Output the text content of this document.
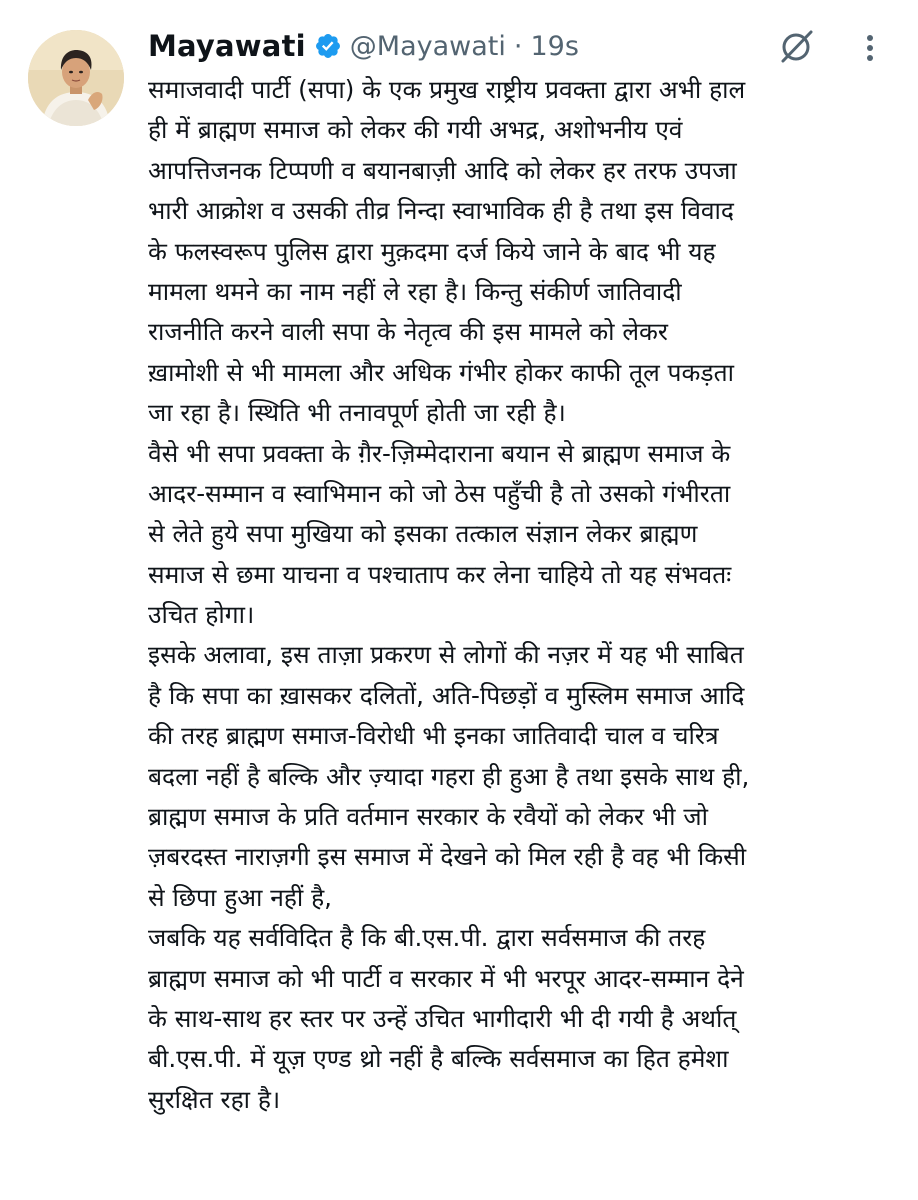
Mayawati @Mayawati · 19s
समाजवादी पार्टी (सपा) के एक प्रमुख राष्ट्रीय प्रवक्ता द्वारा अभी हाल
ही में ब्राह्मण समाज को लेकर की गयी अभद्र, अशोभनीय एवं
आपत्तिजनक टिप्पणी व बयानबाज़ी आदि को लेकर हर तरफ उपजा
भारी आक्रोश व उसकी तीव्र निन्दा स्वाभाविक ही है तथा इस विवाद
के फलस्वरूप पुलिस द्वारा मुक़दमा दर्ज किये जाने के बाद भी यह
मामला थमने का नाम नहीं ले रहा है। किन्तु संकीर्ण जातिवादी
राजनीति करने वाली सपा के नेतृत्व की इस मामले को लेकर
ख़ामोशी से भी मामला और अधिक गंभीर होकर काफी तूल पकड़ता
जा रहा है। स्थिति भी तनावपूर्ण होती जा रही है।
वैसे भी सपा प्रवक्ता के ग़ैर-ज़िम्मेदाराना बयान से ब्राह्मण समाज के
आदर-सम्मान व स्वाभिमान को जो ठेस पहुँची है तो उसको गंभीरता
से लेते हुये सपा मुखिया को इसका तत्काल संज्ञान लेकर ब्राह्मण
समाज से छमा याचना व पश्चाताप कर लेना चाहिये तो यह संभवतः
उचित होगा।
इसके अलावा, इस ताज़ा प्रकरण से लोगों की नज़र में यह भी साबित
है कि सपा का ख़ासकर दलितों, अति-पिछड़ों व मुस्लिम समाज आदि
की तरह ब्राह्मण समाज-विरोधी भी इनका जातिवादी चाल व चरित्र
बदला नहीं है बल्कि और ज़्यादा गहरा ही हुआ है तथा इसके साथ ही,
ब्राह्मण समाज के प्रति वर्तमान सरकार के रवैयों को लेकर भी जो
ज़बरदस्त नाराज़गी इस समाज में देखने को मिल रही है वह भी किसी
से छिपा हुआ नहीं है,
जबकि यह सर्वविदित है कि बी.एस.पी. द्वारा सर्वसमाज की तरह
ब्राह्मण समाज को भी पार्टी व सरकार में भी भरपूर आदर-सम्मान देने
के साथ-साथ हर स्तर पर उन्हें उचित भागीदारी भी दी गयी है अर्थात्
बी.एस.पी. में यूज़ एण्ड थ्रो नहीं है बल्कि सर्वसमाज का हित हमेशा
सुरक्षित रहा है।
